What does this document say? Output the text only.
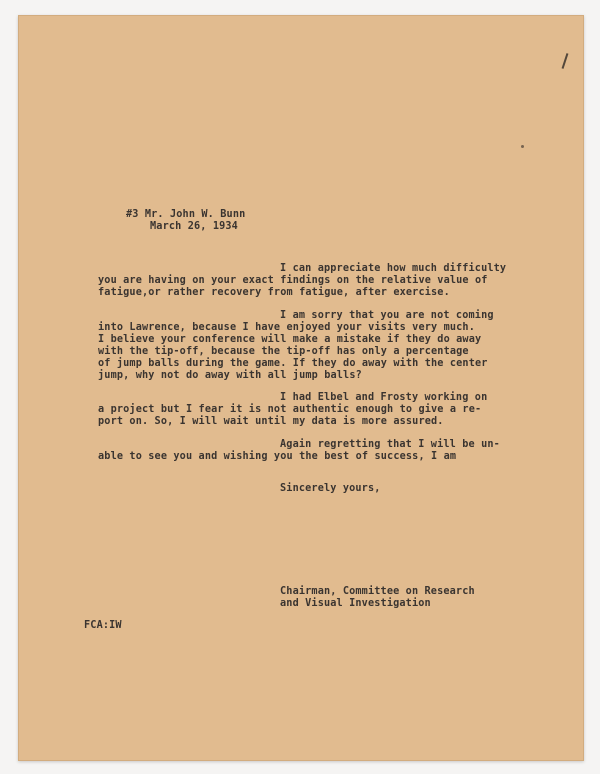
#3 Mr. John W. Bunn
March 26, 1934
I can appreciate how much difficulty
you are having on your exact findings on the relative value of
fatigue,or rather recovery from fatigue, after exercise.
I am sorry that you are not coming
into Lawrence, because I have enjoyed your visits very much.
I believe your conference will make a mistake if they do away
with the tip-off, because the tip-off has only a percentage
of jump balls during the game. If they do away with the center
jump, why not do away with all jump balls?
I had Elbel and Frosty working on
a project but I fear it is not authentic enough to give a re-
port on. So, I will wait until my data is more assured.
Again regretting that I will be un-
able to see you and wishing you the best of success, I am
Sincerely yours,
Chairman, Committee on Research
and Visual Investigation
FCA:IW
